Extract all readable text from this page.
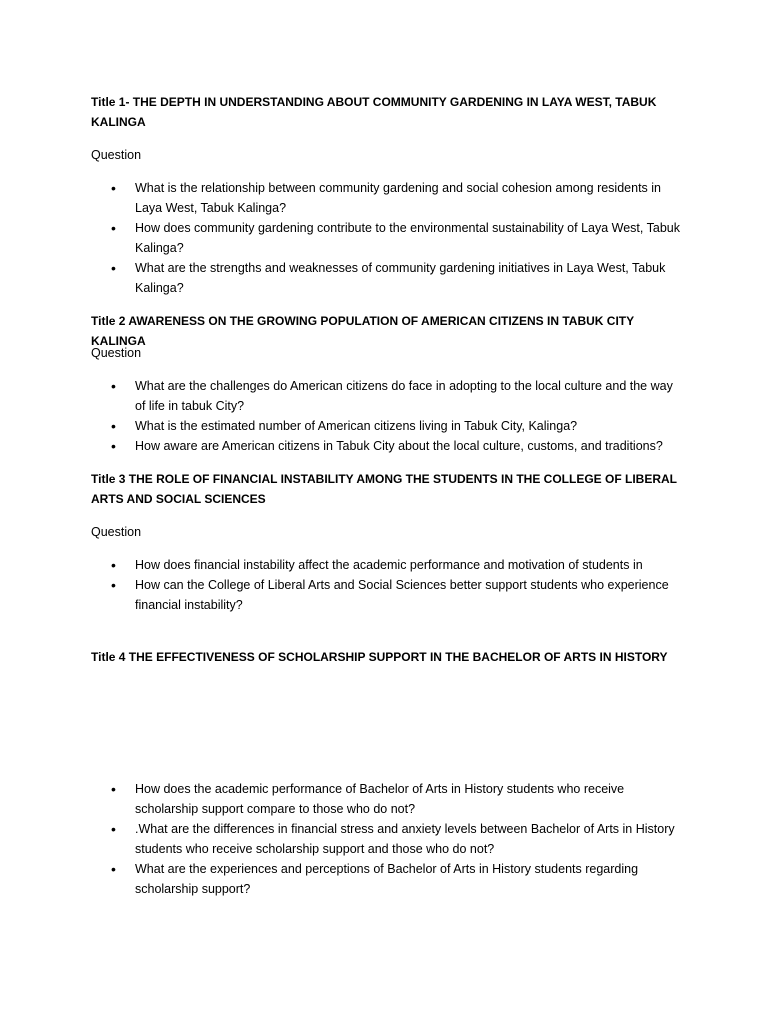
Title 1- THE DEPTH IN UNDERSTANDING ABOUT COMMUNITY GARDENING IN LAYA WEST, TABUK KALINGA

Question

•	What is the relationship between community gardening and social cohesion among residents in Laya West, Tabuk Kalinga?
•	How does community gardening contribute to the environmental sustainability of Laya West, Tabuk Kalinga?
•	What are the strengths and weaknesses of community gardening initiatives in Laya West, Tabuk Kalinga?

Title 2 AWARENESS ON THE GROWING POPULATION OF AMERICAN CITIZENS IN TABUK CITY KALINGA

Question

•	What are the challenges do American citizens do face in adopting to the local culture and the way of life in tabuk City?
•	What is the estimated number of American citizens living in Tabuk City, Kalinga?
•	How aware are American citizens in Tabuk City about the local culture, customs, and traditions?

Title 3 THE ROLE OF FINANCIAL INSTABILITY AMONG THE STUDENTS IN THE COLLEGE OF LIBERAL ARTS AND SOCIAL SCIENCES

Question

•	How does financial instability affect the academic performance and motivation of students in
•	How can the College of Liberal Arts and Social Sciences better support students who experience financial instability?

Title 4 THE EFFECTIVENESS OF SCHOLARSHIP SUPPORT IN THE BACHELOR OF ARTS IN HISTORY

•	How does the academic performance of Bachelor of Arts in History students who receive scholarship support compare to those who do not?
•	.What are the differences in financial stress and anxiety levels between Bachelor of Arts in History students who receive scholarship support and those who do not?
•	What are the experiences and perceptions of Bachelor of Arts in History students regarding scholarship support?
